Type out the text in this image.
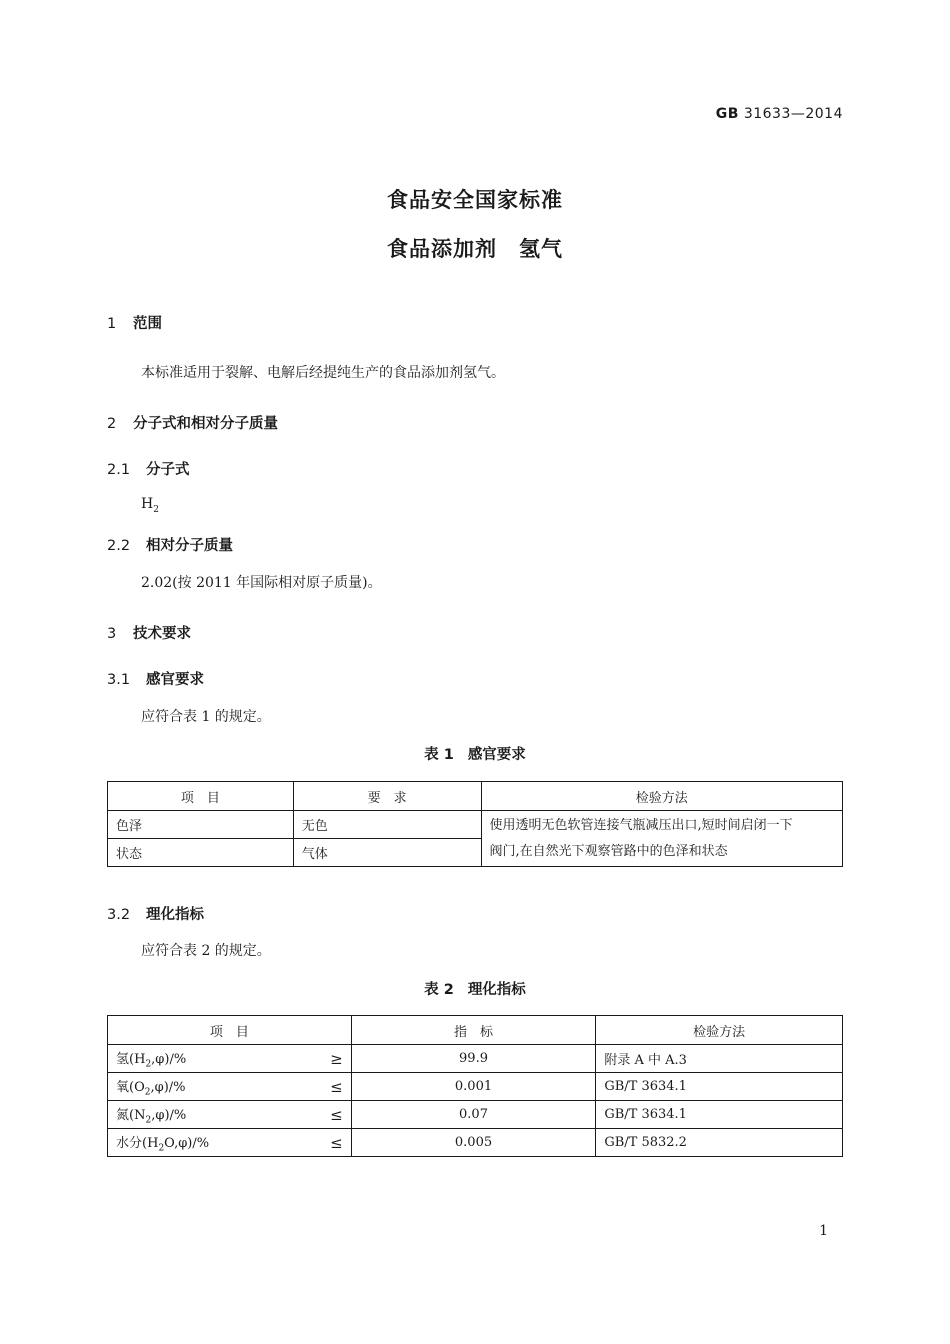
GB 31633—2014
食品安全国家标准
食品添加剂　氢气
1 范围
本标准适用于裂解、电解后经提纯生产的食品添加剂氢气。
2 分子式和相对分子质量
2.1 分子式
$H_2$
2.2 相对分子质量
2.02(按 2011 年国际相对原子质量)。
3 技术要求
3.1 感官要求
应符合表 1 的规定。
表 1 感官要求
项　目	要　求	检验方法
色泽	无色	使用透明无色软管连接气瓶减压出口,短时间启闭一下
阀门,在自然光下观察管路中的色泽和状态

状态	气体	
3.2 理化指标
应符合表 2 的规定。
表 2 理化指标
项　目	指　标	检验方法
氢$(H_2,\varphi)/\%$ ≥	99.9	附录 A 中 A.3
氧$(O_2,\varphi)/\%$ ≤	0.001	GB/T 3634.1
氮$(N_2,\varphi)/\%$ ≤	0.07	GB/T 3634.1
水分$(H_2O,\varphi)/\%$ ≤	0.005	GB/T 5832.2
1
